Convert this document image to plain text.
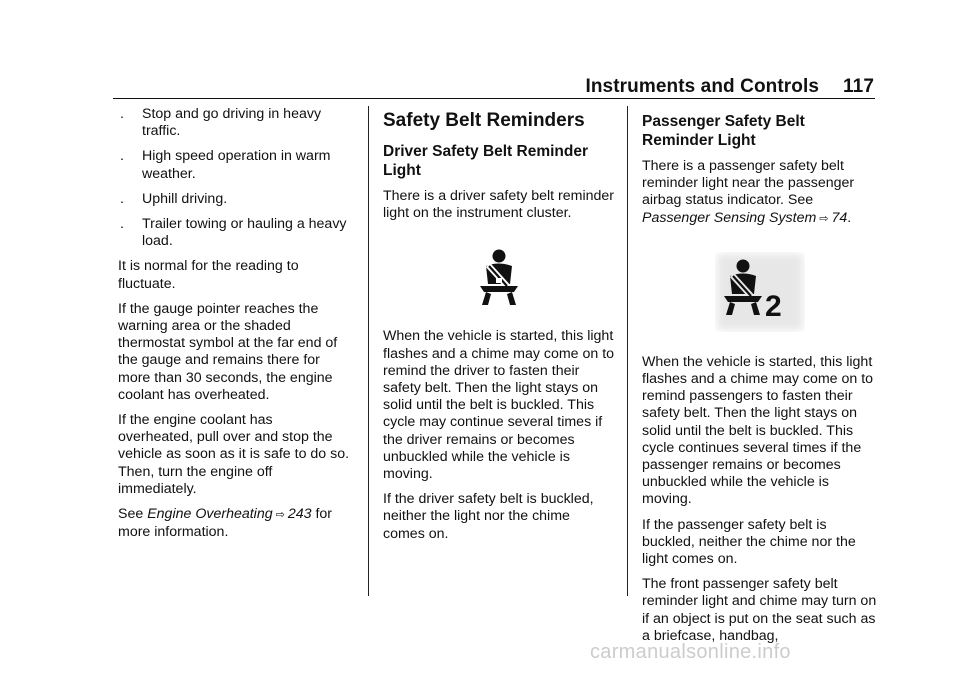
Instruments and Controls 117
. Stop and go driving in heavy traffic.
. High speed operation in warm weather.
. Uphill driving.
. Trailer towing or hauling a heavy load.

It is normal for the reading to fluctuate.

If the gauge pointer reaches the warning area or the shaded thermostat symbol at the far end of the gauge and remains there for more than 30 seconds, the engine coolant has overheated.

If the engine coolant has overheated, pull over and stop the vehicle as soon as it is safe to do so. Then, turn the engine off immediately.

See Engine Overheating ⇨ 243 for more information.

Safety Belt Reminders
Driver Safety Belt Reminder Light

There is a driver safety belt reminder light on the instrument cluster.

When the vehicle is started, this light flashes and a chime may come on to remind the driver to fasten their safety belt. Then the light stays on solid until the belt is buckled. This cycle may continue several times if the driver remains or becomes unbuckled while the vehicle is moving.

If the driver safety belt is buckled, neither the light nor the chime comes on.

Passenger Safety Belt Reminder Light

There is a passenger safety belt reminder light near the passenger airbag status indicator. See Passenger Sensing System ⇨ 74.

2

When the vehicle is started, this light flashes and a chime may come on to remind passengers to fasten their safety belt. Then the light stays on solid until the belt is buckled. This cycle continues several times if the passenger remains or becomes unbuckled while the vehicle is moving.

If the passenger safety belt is buckled, neither the chime nor the light comes on.

The front passenger safety belt reminder light and chime may turn on if an object is put on the seat such as a briefcase, handbag,

carmanualsonline.info
